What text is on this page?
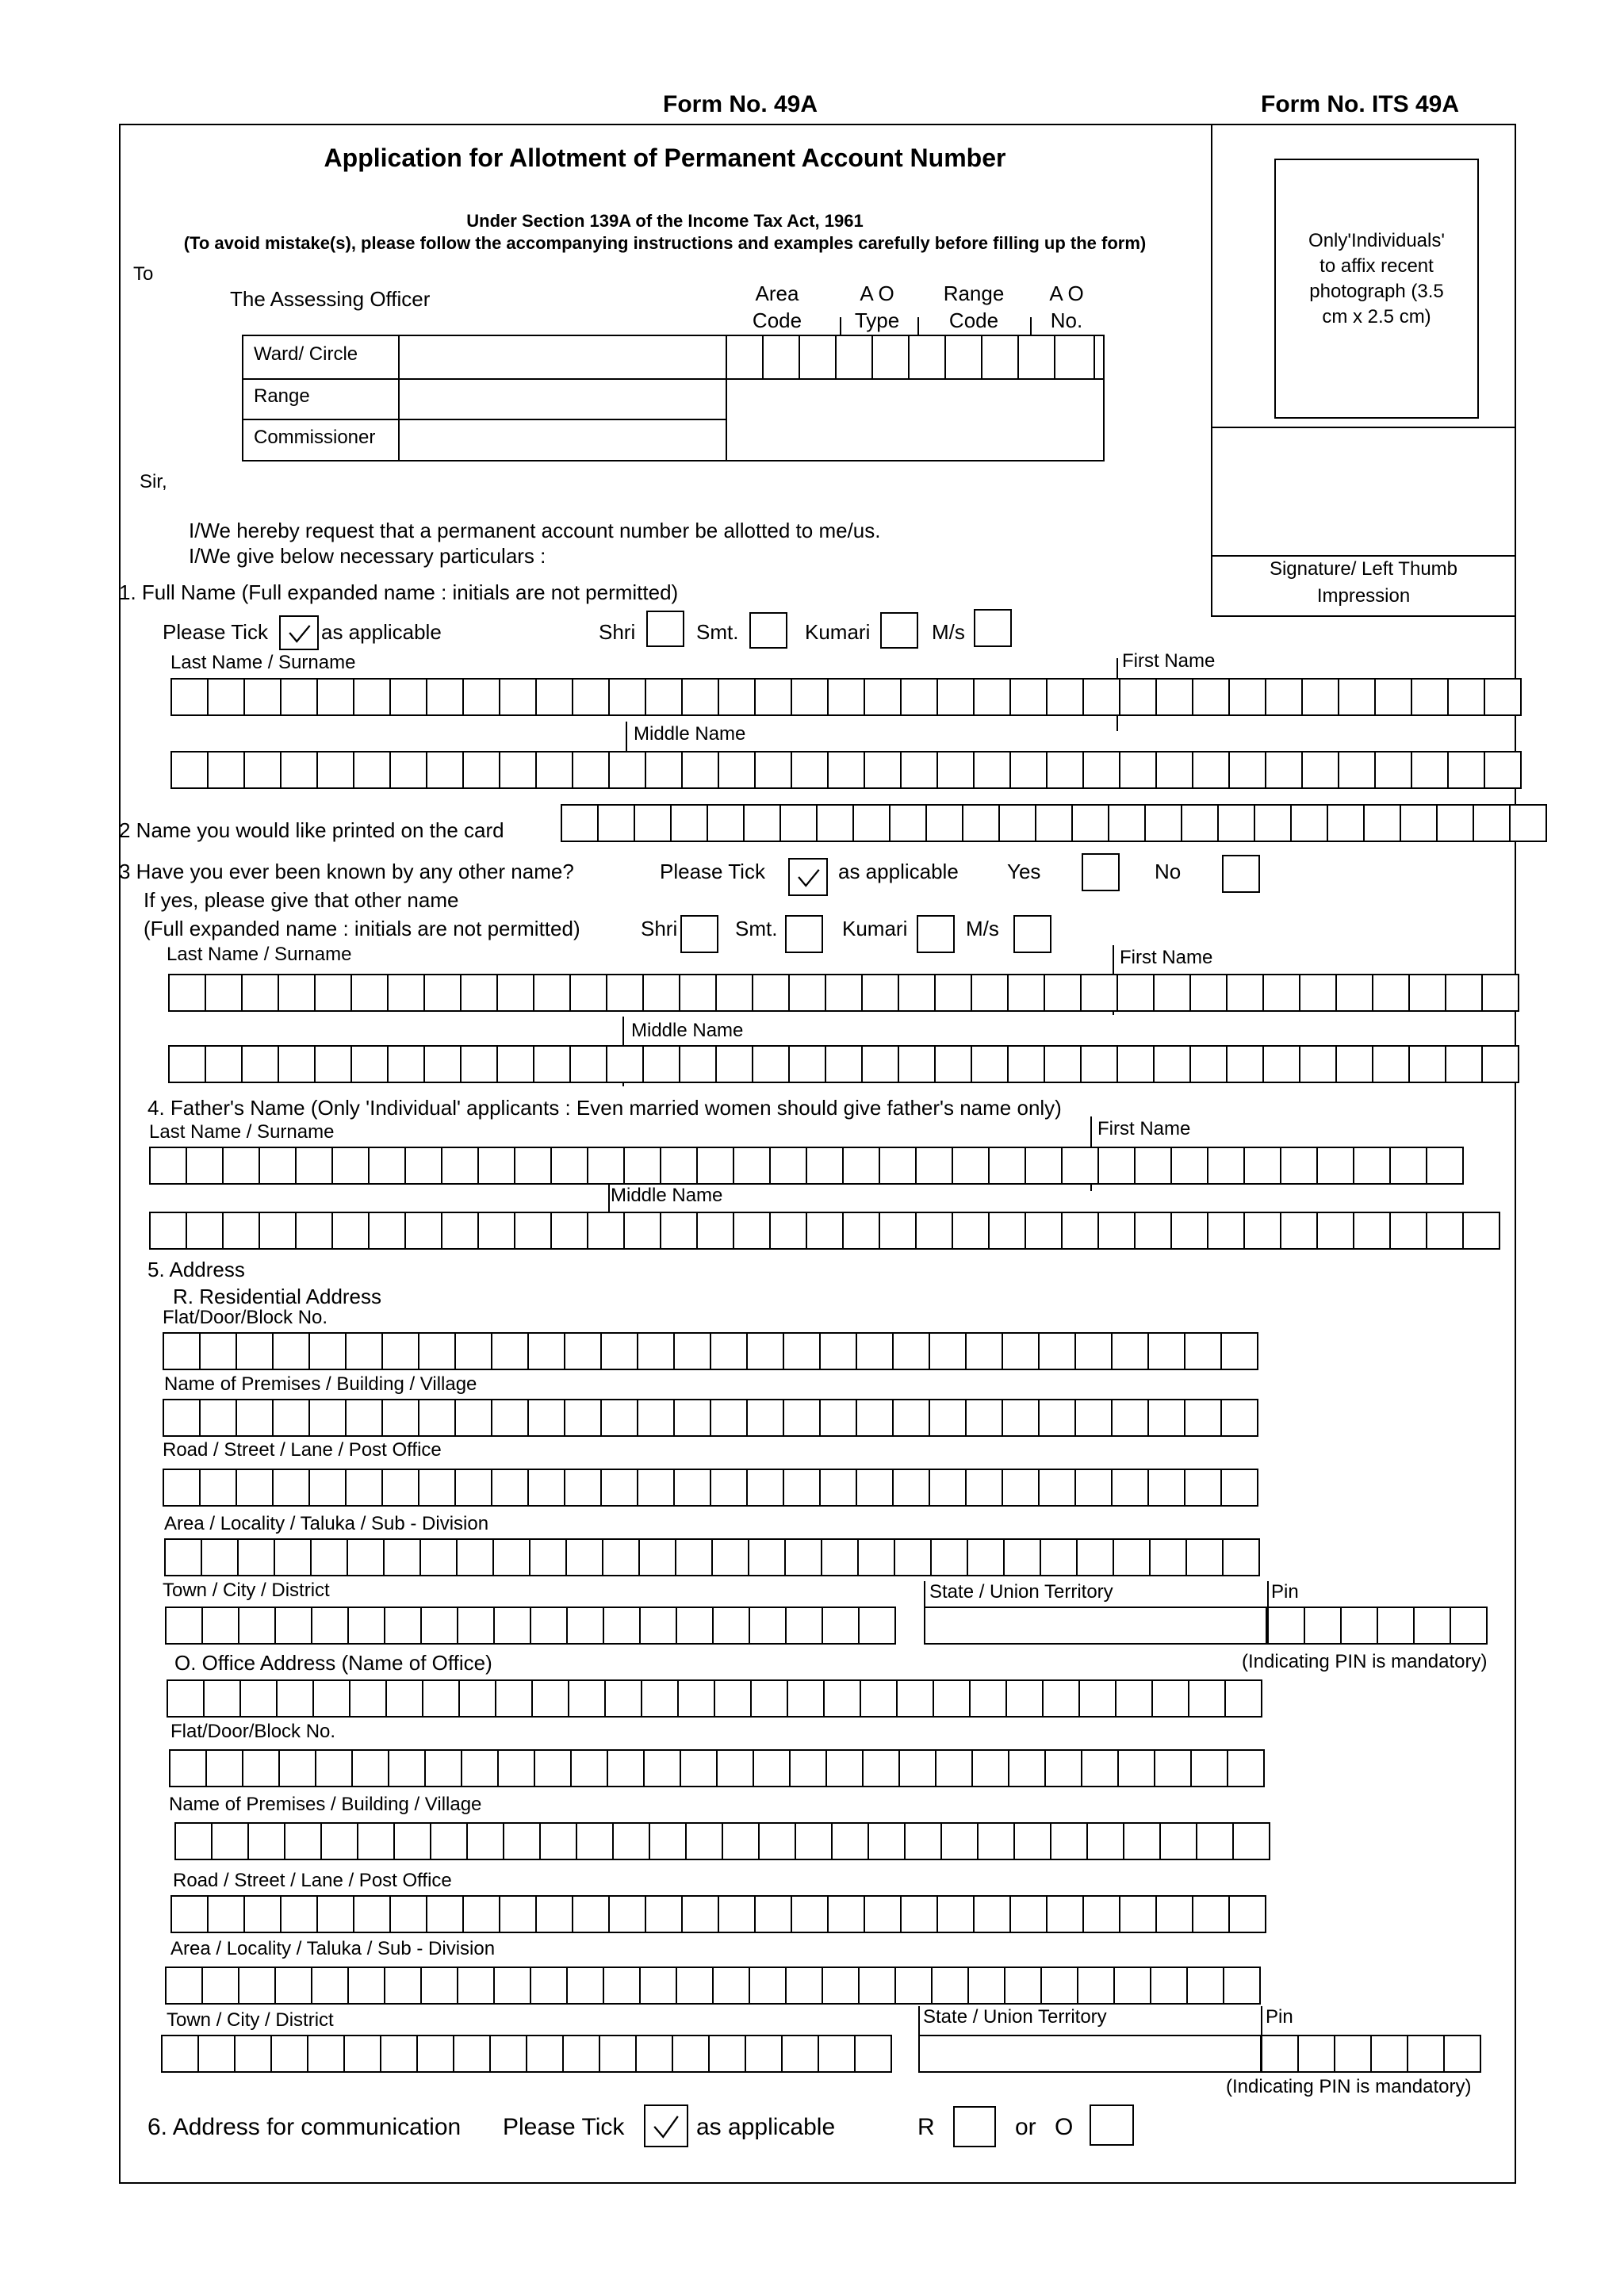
Form No. 49A	Form No. ITS 49A
Only'Individuals'
to affix recent
photograph (3.5
cm x 2.5 cm)
Signature/ Left Thumb
Impression
Application for Allotment of Permanent Account Number
Under Section 139A of the Income Tax Act, 1961
(To avoid mistake(s), please follow the accompanying instructions and examples carefully before filling up the form)
To
The Assessing Officer	Area
Code
A O
Type
Range
Code
A O
No.
Ward/ Circle
Range
Commissioner
Sir,
I/We hereby request that a permanent account number be allotted to me/us.
I/We give below necessary particulars :
1. Full Name (Full expanded name : initials are not permitted)
Please Tick	as applicable	Shri	Smt.	Kumari	M/s
Last Name / Surname	First Name
Middle Name
2 Name you would like printed on the card
3 Have you ever been known by any other name?	Please Tick	as applicable Yes	No
If yes, please give that other name
(Full expanded name : initials are not permitted)	Shri	Smt.	Kumari	M/s
Last Name / Surname	First Name
Middle Name
4. Father's Name (Only 'Individual' applicants : Even married women should give father's name only)
Last Name / Surname	First Name
Middle Name
5. Address
R. Residential Address
Flat/Door/Block No.
Name of Premises / Building / Village
Road / Street / Lane / Post Office
Area / Locality / Taluka / Sub - Division
Town / City / District	State / Union Territory	Pin
(Indicating PIN is mandatory)
O. Office Address (Name of Office)
Flat/Door/Block No.
Name of Premises / Building / Village
Road / Street / Lane / Post Office
Area / Locality / Taluka / Sub - Division
Town / City / District	State / Union Territory	Pin
(Indicating PIN is mandatory)
6. Address for communication Please Tick	as applicable	R	or O
